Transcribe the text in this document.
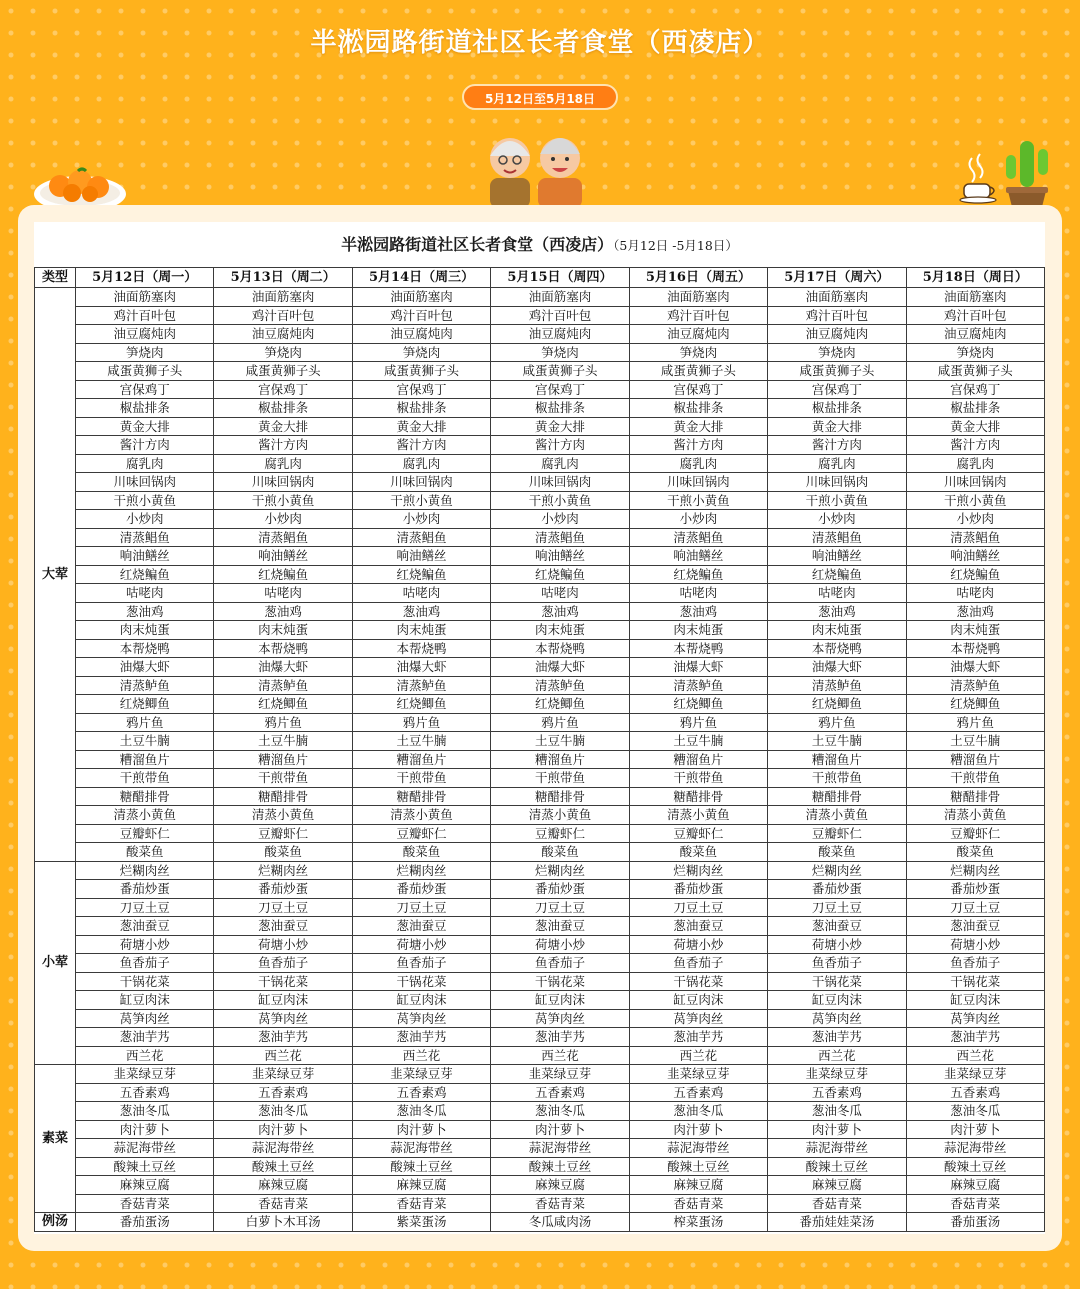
半淞园路街道社区长者食堂（西凌店）
5月12日至5月18日
半淞园路街道社区长者食堂（西凌店）（5月12日 -5月18日）
类型	5月12日（周一）	5月13日（周二）	5月14日（周三）	5月15日（周四）	5月16日（周五）	5月17日（周六）	5月18日（周日）
大荤	油面筋塞肉	油面筋塞肉	油面筋塞肉	油面筋塞肉	油面筋塞肉	油面筋塞肉	油面筋塞肉
	鸡汁百叶包	鸡汁百叶包	鸡汁百叶包	鸡汁百叶包	鸡汁百叶包	鸡汁百叶包	鸡汁百叶包
	油豆腐炖肉	油豆腐炖肉	油豆腐炖肉	油豆腐炖肉	油豆腐炖肉	油豆腐炖肉	油豆腐炖肉
	笋烧肉	笋烧肉	笋烧肉	笋烧肉	笋烧肉	笋烧肉	笋烧肉
	咸蛋黄狮子头	咸蛋黄狮子头	咸蛋黄狮子头	咸蛋黄狮子头	咸蛋黄狮子头	咸蛋黄狮子头	咸蛋黄狮子头
	宫保鸡丁	宫保鸡丁	宫保鸡丁	宫保鸡丁	宫保鸡丁	宫保鸡丁	宫保鸡丁
	椒盐排条	椒盐排条	椒盐排条	椒盐排条	椒盐排条	椒盐排条	椒盐排条
	黄金大排	黄金大排	黄金大排	黄金大排	黄金大排	黄金大排	黄金大排
	酱汁方肉	酱汁方肉	酱汁方肉	酱汁方肉	酱汁方肉	酱汁方肉	酱汁方肉
	腐乳肉	腐乳肉	腐乳肉	腐乳肉	腐乳肉	腐乳肉	腐乳肉
	川味回锅肉	川味回锅肉	川味回锅肉	川味回锅肉	川味回锅肉	川味回锅肉	川味回锅肉
	干煎小黄鱼	干煎小黄鱼	干煎小黄鱼	干煎小黄鱼	干煎小黄鱼	干煎小黄鱼	干煎小黄鱼
	小炒肉	小炒肉	小炒肉	小炒肉	小炒肉	小炒肉	小炒肉
	清蒸鲳鱼	清蒸鲳鱼	清蒸鲳鱼	清蒸鲳鱼	清蒸鲳鱼	清蒸鲳鱼	清蒸鲳鱼
	响油鳝丝	响油鳝丝	响油鳝丝	响油鳝丝	响油鳝丝	响油鳝丝	响油鳝丝
	红烧鳊鱼	红烧鳊鱼	红烧鳊鱼	红烧鳊鱼	红烧鳊鱼	红烧鳊鱼	红烧鳊鱼
	咕咾肉	咕咾肉	咕咾肉	咕咾肉	咕咾肉	咕咾肉	咕咾肉
	葱油鸡	葱油鸡	葱油鸡	葱油鸡	葱油鸡	葱油鸡	葱油鸡
	肉末炖蛋	肉末炖蛋	肉末炖蛋	肉末炖蛋	肉末炖蛋	肉末炖蛋	肉末炖蛋
	本帮烧鸭	本帮烧鸭	本帮烧鸭	本帮烧鸭	本帮烧鸭	本帮烧鸭	本帮烧鸭
	油爆大虾	油爆大虾	油爆大虾	油爆大虾	油爆大虾	油爆大虾	油爆大虾
	清蒸鲈鱼	清蒸鲈鱼	清蒸鲈鱼	清蒸鲈鱼	清蒸鲈鱼	清蒸鲈鱼	清蒸鲈鱼
	红烧鲫鱼	红烧鲫鱼	红烧鲫鱼	红烧鲫鱼	红烧鲫鱼	红烧鲫鱼	红烧鲫鱼
	鸦片鱼	鸦片鱼	鸦片鱼	鸦片鱼	鸦片鱼	鸦片鱼	鸦片鱼
	土豆牛腩	土豆牛腩	土豆牛腩	土豆牛腩	土豆牛腩	土豆牛腩	土豆牛腩
	糟溜鱼片	糟溜鱼片	糟溜鱼片	糟溜鱼片	糟溜鱼片	糟溜鱼片	糟溜鱼片
	干煎带鱼	干煎带鱼	干煎带鱼	干煎带鱼	干煎带鱼	干煎带鱼	干煎带鱼
	糖醋排骨	糖醋排骨	糖醋排骨	糖醋排骨	糖醋排骨	糖醋排骨	糖醋排骨
	清蒸小黄鱼	清蒸小黄鱼	清蒸小黄鱼	清蒸小黄鱼	清蒸小黄鱼	清蒸小黄鱼	清蒸小黄鱼
	豆瓣虾仁	豆瓣虾仁	豆瓣虾仁	豆瓣虾仁	豆瓣虾仁	豆瓣虾仁	豆瓣虾仁
	酸菜鱼	酸菜鱼	酸菜鱼	酸菜鱼	酸菜鱼	酸菜鱼	酸菜鱼
小荤	烂糊肉丝	烂糊肉丝	烂糊肉丝	烂糊肉丝	烂糊肉丝	烂糊肉丝	烂糊肉丝
	番茄炒蛋	番茄炒蛋	番茄炒蛋	番茄炒蛋	番茄炒蛋	番茄炒蛋	番茄炒蛋
	刀豆土豆	刀豆土豆	刀豆土豆	刀豆土豆	刀豆土豆	刀豆土豆	刀豆土豆
	葱油蚕豆	葱油蚕豆	葱油蚕豆	葱油蚕豆	葱油蚕豆	葱油蚕豆	葱油蚕豆
	荷塘小炒	荷塘小炒	荷塘小炒	荷塘小炒	荷塘小炒	荷塘小炒	荷塘小炒
	鱼香茄子	鱼香茄子	鱼香茄子	鱼香茄子	鱼香茄子	鱼香茄子	鱼香茄子
	干锅花菜	干锅花菜	干锅花菜	干锅花菜	干锅花菜	干锅花菜	干锅花菜
	缸豆肉沫	缸豆肉沫	缸豆肉沫	缸豆肉沫	缸豆肉沫	缸豆肉沫	缸豆肉沫
	莴笋肉丝	莴笋肉丝	莴笋肉丝	莴笋肉丝	莴笋肉丝	莴笋肉丝	莴笋肉丝
	葱油芋艿	葱油芋艿	葱油芋艿	葱油芋艿	葱油芋艿	葱油芋艿	葱油芋艿
	西兰花	西兰花	西兰花	西兰花	西兰花	西兰花	西兰花
素菜	韭菜绿豆芽	韭菜绿豆芽	韭菜绿豆芽	韭菜绿豆芽	韭菜绿豆芽	韭菜绿豆芽	韭菜绿豆芽
	五香素鸡	五香素鸡	五香素鸡	五香素鸡	五香素鸡	五香素鸡	五香素鸡
	葱油冬瓜	葱油冬瓜	葱油冬瓜	葱油冬瓜	葱油冬瓜	葱油冬瓜	葱油冬瓜
	肉汁萝卜	肉汁萝卜	肉汁萝卜	肉汁萝卜	肉汁萝卜	肉汁萝卜	肉汁萝卜
	蒜泥海带丝	蒜泥海带丝	蒜泥海带丝	蒜泥海带丝	蒜泥海带丝	蒜泥海带丝	蒜泥海带丝
	酸辣土豆丝	酸辣土豆丝	酸辣土豆丝	酸辣土豆丝	酸辣土豆丝	酸辣土豆丝	酸辣土豆丝
	麻辣豆腐	麻辣豆腐	麻辣豆腐	麻辣豆腐	麻辣豆腐	麻辣豆腐	麻辣豆腐
	香菇青菜	香菇青菜	香菇青菜	香菇青菜	香菇青菜	香菇青菜	香菇青菜
例汤	番茄蛋汤	白萝卜木耳汤	紫菜蛋汤	冬瓜咸肉汤	榨菜蛋汤	番茄娃娃菜汤	番茄蛋汤
